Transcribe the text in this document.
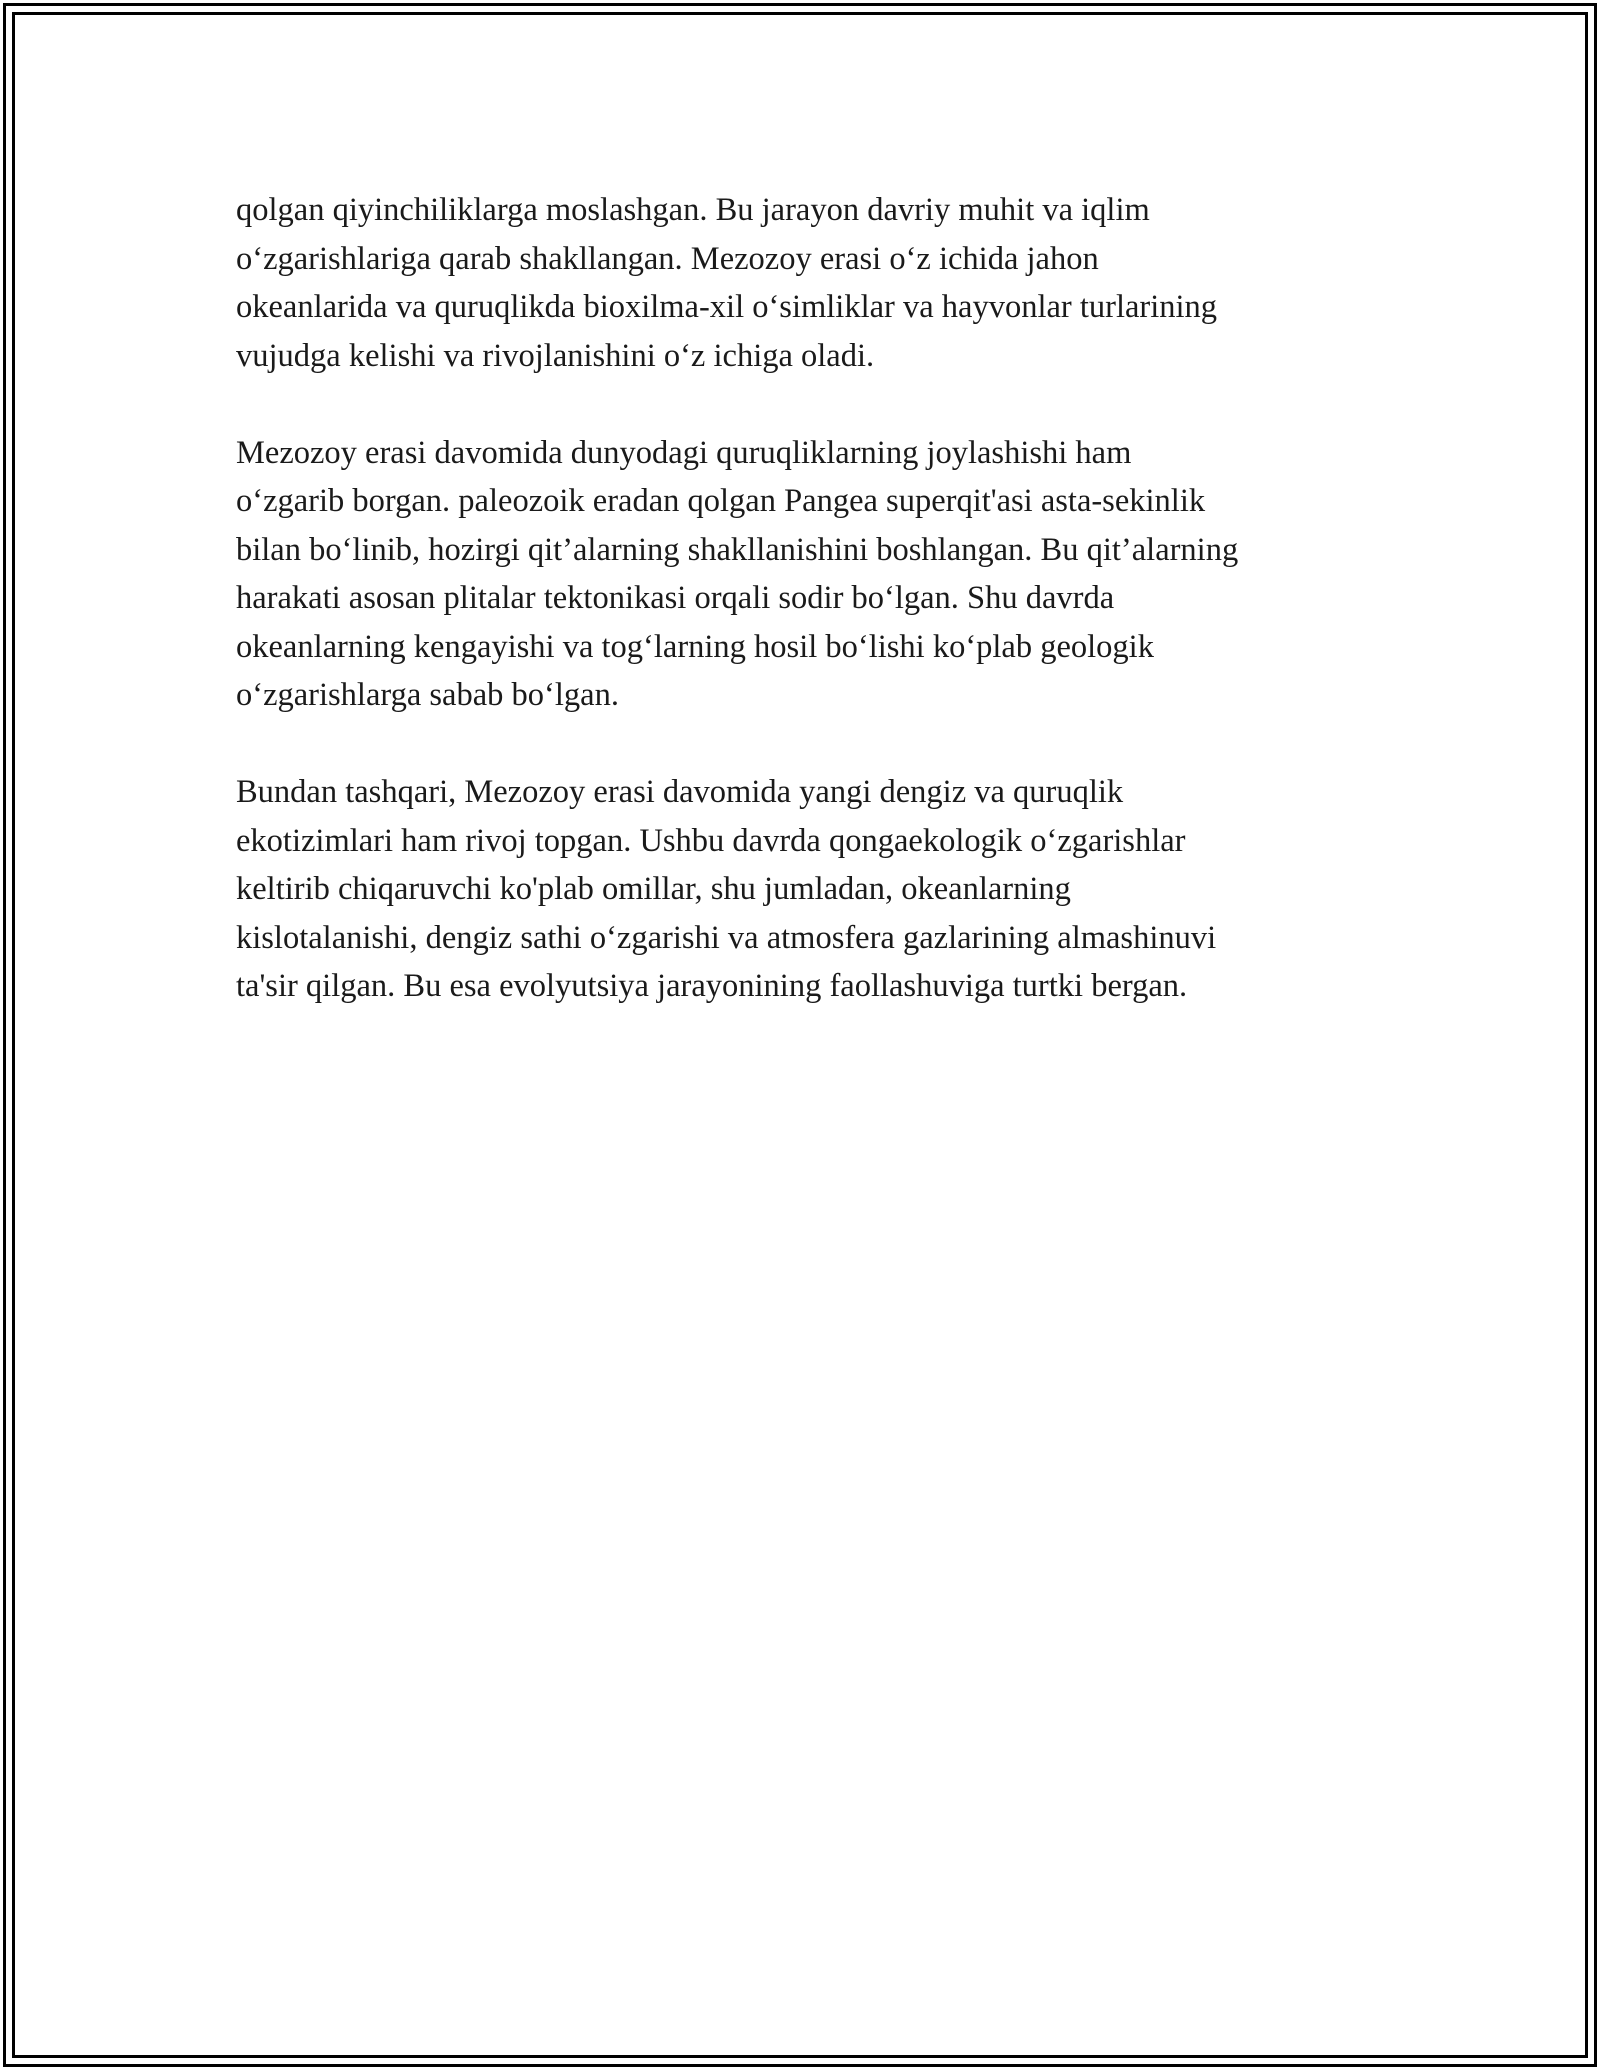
qolgan qiyinchiliklarga moslashgan. Bu jarayon davriy muhit va iqlim
o‘zgarishlariga qarab shakllangan. Mezozoy erasi o‘z ichida jahon
okeanlarida va quruqlikda bioxilma-xil o‘simliklar va hayvonlar turlarining
vujudga kelishi va rivojlanishini o‘z ichiga oladi.

Mezozoy erasi davomida dunyodagi quruqliklarning joylashishi ham
o‘zgarib borgan. paleozoik eradan qolgan Pangea superqit'asi asta-sekinlik
bilan bo‘linib, hozirgi qit’alarning shakllanishini boshlangan. Bu qit’alarning
harakati asosan plitalar tektonikasi orqali sodir bo‘lgan. Shu davrda
okeanlarning kengayishi va tog‘larning hosil bo‘lishi ko‘plab geologik
o‘zgarishlarga sabab bo‘lgan.

Bundan tashqari, Mezozoy erasi davomida yangi dengiz va quruqlik
ekotizimlari ham rivoj topgan. Ushbu davrda qongaekologik o‘zgarishlar
keltirib chiqaruvchi ko'plab omillar, shu jumladan, okeanlarning
kislotalanishi, dengiz sathi o‘zgarishi va atmosfera gazlarining almashinuvi
ta'sir qilgan. Bu esa evolyutsiya jarayonining faollashuviga turtki bergan.
